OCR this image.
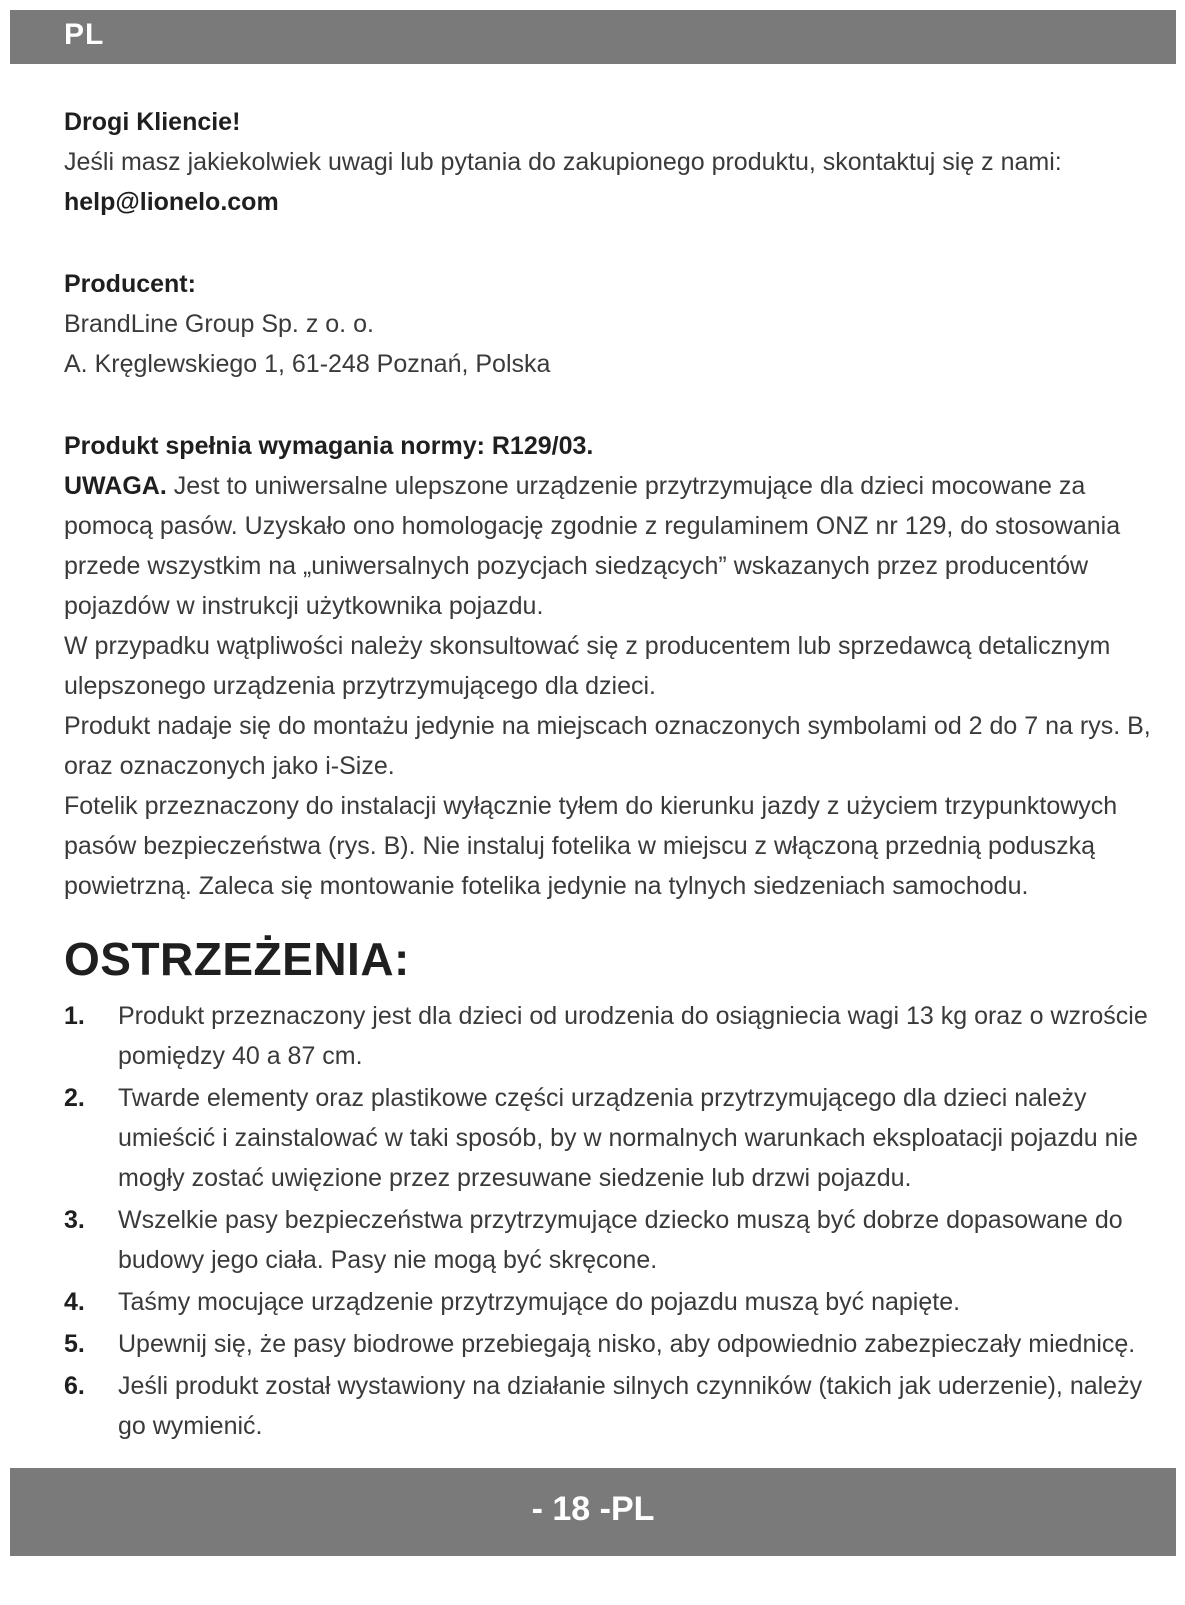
PL

Drogi Kliencie!

Jeśli masz jakiekolwiek uwagi lub pytania do zakupionego produktu, skontaktuj się z nami:

help@lionelo.com

Producent:

BrandLine Group Sp. z o. o.

A. Kręglewskiego 1, 61-248 Poznań, Polska

Produkt spełnia wymagania normy: R129/03.

UWAGA. Jest to uniwersalne ulepszone urządzenie przytrzymujące dla dzieci mocowane za pomocą pasów. Uzyskało ono homologację zgodnie z regulaminem ONZ nr 129, do stosowania przede wszystkim na „uniwersalnych pozycjach siedzących” wskazanych przez producentów pojazdów w instrukcji użytkownika pojazdu.

W przypadku wątpliwości należy skonsultować się z producentem lub sprzedawcą detalicznym ulepszonego urządzenia przytrzymującego dla dzieci.

Produkt nadaje się do montażu jedynie na miejscach oznaczonych symbolami od 2 do 7 na rys. B, oraz oznaczonych jako i-Size.

Fotelik przeznaczony do instalacji wyłącznie tyłem do kierunku jazdy z użyciem trzypunktowych pasów bezpieczeństwa (rys. B). Nie instaluj fotelika w miejscu z włączoną przednią poduszką powietrzną. Zaleca się montowanie fotelika jedynie na tylnych siedzeniach samochodu.

OSTRZEŻENIA:
1. Produkt przeznaczony jest dla dzieci od urodzenia do osiągniecia wagi 13 kg oraz o wzroście pomiędzy 40 a 87 cm.
2. Twarde elementy oraz plastikowe części urządzenia przytrzymującego dla dzieci należy umieścić i zainstalować w taki sposób, by w normalnych warunkach eksploatacji pojazdu nie mogły zostać uwięzione przez przesuwane siedzenie lub drzwi pojazdu.
3. Wszelkie pasy bezpieczeństwa przytrzymujące dziecko muszą być dobrze dopasowane do budowy jego ciała. Pasy nie mogą być skręcone.
4. Taśmy mocujące urządzenie przytrzymujące do pojazdu muszą być napięte.
5. Upewnij się, że pasy biodrowe przebiegają nisko, aby odpowiednio zabezpieczały miednicę.
6. Jeśli produkt został wystawiony na działanie silnych czynników (takich jak uderzenie), należy go wymienić.
- 18 -PL
